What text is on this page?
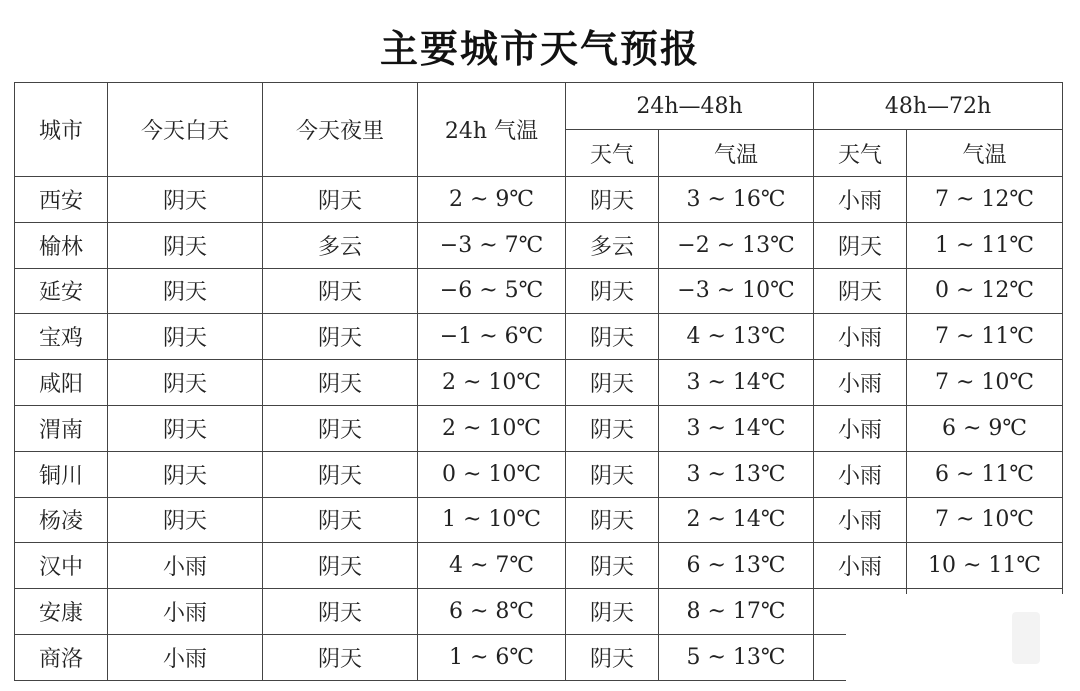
主要城市天气预报
城市	今天白天	今天夜里	24h 气温	24h—48h		48h—72h	
				天气	气温	天气	气温
西安	阴天	阴天	2 ~ 9℃	阴天	3 ~ 16℃	小雨	7 ~ 12℃
榆林	阴天	多云	−3 ~ 7℃	多云	−2 ~ 13℃	阴天	1 ~ 11℃
延安	阴天	阴天	−6 ~ 5℃	阴天	−3 ~ 10℃	阴天	0 ~ 12℃
宝鸡	阴天	阴天	−1 ~ 6℃	阴天	4 ~ 13℃	小雨	7 ~ 11℃
咸阳	阴天	阴天	2 ~ 10℃	阴天	3 ~ 14℃	小雨	7 ~ 10℃
渭南	阴天	阴天	2 ~ 10℃	阴天	3 ~ 14℃	小雨	6 ~ 9℃
铜川	阴天	阴天	0 ~ 10℃	阴天	3 ~ 13℃	小雨	6 ~ 11℃
杨凌	阴天	阴天	1 ~ 10℃	阴天	2 ~ 14℃	小雨	7 ~ 10℃
汉中	小雨	阴天	4 ~ 7℃	阴天	6 ~ 13℃	小雨	10 ~ 11℃
安康	小雨	阴天	6 ~ 8℃	阴天	8 ~ 17℃		
商洛	小雨	阴天	1 ~ 6℃	阴天	5 ~ 13℃		
